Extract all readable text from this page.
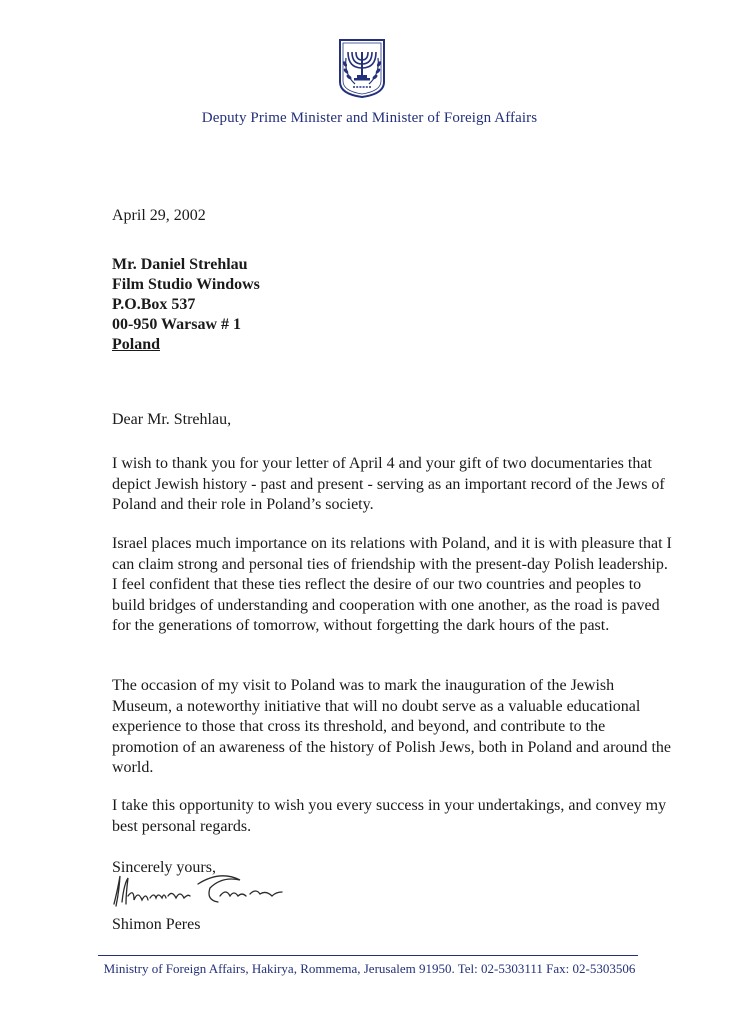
Deputy Prime Minister and Minister of Foreign Affairs
April 29, 2002
Mr. Daniel Strehlau
Film Studio Windows
P.O.Box 537
00-950 Warsaw # 1
Poland
Dear Mr. Strehlau,

I wish to thank you for your letter of April 4 and your gift of two documentaries that depict Jewish history - past and present - serving as an important record of the Jews of Poland and their role in Poland’s society.

Israel places much importance on its relations with Poland, and it is with pleasure that I can claim strong and personal ties of friendship with the present-day Polish leadership. I feel confident that these ties reflect the desire of our two countries and peoples to build bridges of understanding and cooperation with one another, as the road is paved for the generations of tomorrow, without forgetting the dark hours of the past.

The occasion of my visit to Poland was to mark the inauguration of the Jewish Museum, a noteworthy initiative that will no doubt serve as a valuable educational experience to those that cross its threshold, and beyond, and contribute to the promotion of an awareness of the history of Polish Jews, both in Poland and around the world.

I take this opportunity to wish you every success in your undertakings, and convey my best personal regards.

Sincerely yours,
Shimon Peres
Ministry of Foreign Affairs, Hakirya, Rommema, Jerusalem 91950. Tel: 02-5303111 Fax: 02-5303506
